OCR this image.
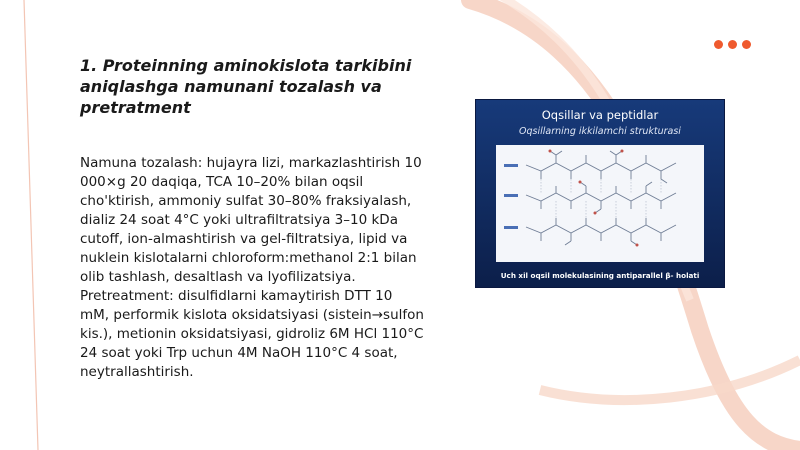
1. Proteinning aminokislota tarkibini aniqlashga namunani tozalash va pretratment

Namuna tozalash: hujayra lizi, markazlashtirish 10 000×g 20 daqiqa, TCA 10–20% bilan oqsil cho'ktirish, ammoniy sulfat 30–80% fraksiyalash, dializ 24 soat 4°C yoki ultrafiltratsiya 3–10 kDa cutoff, ion-almashtirish va gel-filtratsiya, lipid va nuklein kislotalarni chloroform:methanol 2:1 bilan olib tashlash, desaltlash va lyofilizatsiya. Pretreatment: disulfidlarni kamaytirish DTT 10 mM, performik kislota oksidatsiyasi (sistein→sulfon kis.), metionin oksidatsiyasi, gidroliz 6M HCl 110°C 24 soat yoki Trp uchun 4M NaOH 110°C 4 soat, neytrallashtirish.

Oqsillar va peptidlar
Oqsillarning ikkilamchi strukturasi
Uch xil oqsil molekulasining antiparallel β- holati
